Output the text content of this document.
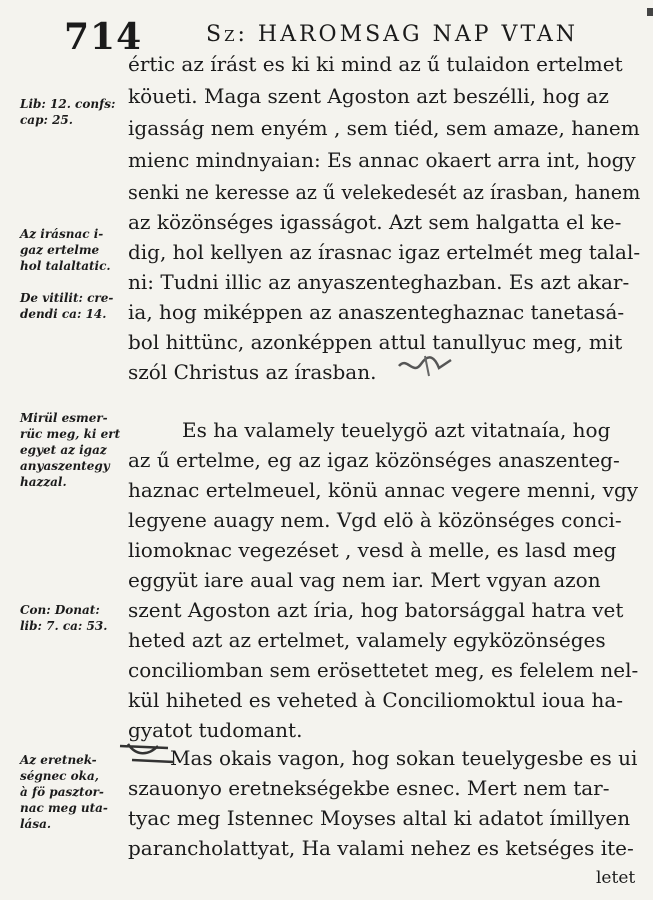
714	Sz: HAROMSAG NAP VTAN
értic az írást es ki ki mind az ű tulaidon ertelmet
köueti. Maga szent Agoston azt beszélli, hog az
igasság nem enyém , sem tiéd, sem amaze, hanem
mienc mindnyaian: Es annac okaert arra int, hogy
senki ne keresse az ű velekedesét az írasban, hanem
az közönséges igasságot. Azt sem halgatta el ke-
dig, hol kellyen az írasnac igaz ertelmét meg talal-
ni: Tudni illic az anyaszenteghazban. Es azt akar-
ia, hog miképpen az anaszenteghaznac tanetasá-
bol hittünc, azonképpen attul tanullyuc meg, mit
szól Christus az írasban.
Es ha valamely teuelygö azt vitatnaía, hog
az ű ertelme, eg az igaz közönséges anaszenteg-
haznac ertelmeuel, könü annac vegere menni, vgy
legyene auagy nem. Vgd elö à közönséges conci-
liomoknac vegezéset , vesd à melle, es lasd meg
eggyüt iare aual vag nem iar. Mert vgyan azon
szent Agoston azt íria, hog batorsággal hatra vet
heted azt az ertelmet, valamely egyközönséges
conciliomban sem erösettetet meg, es felelem nel-
kül hiheted es veheted à Conciliomoktul ioua ha-
gyatot tudomant.
Mas okais vagon, hog sokan teuelygesbe es ui
szauonyo eretnekségekbe esnec. Mert nem tar-
tyac meg Istennec Moyses altal ki adatot ímillyen
parancholattyat, Ha valami nehez es ketséges ite-
letet
Lib: 12. confs:
cap: 25.
Az irásnac i-
gaz ertelme
hol talaltatic.
De vitilit: cre-
dendi ca: 14.
Mirül esmer-
rüc meg, ki ert
egyet az igaz
anyaszentegy
hazzal.
Con: Donat:
lib: 7. ca: 53.
Az eretnek-
ségnec oka,
à fö pasztor-
nac meg uta-
lása.
